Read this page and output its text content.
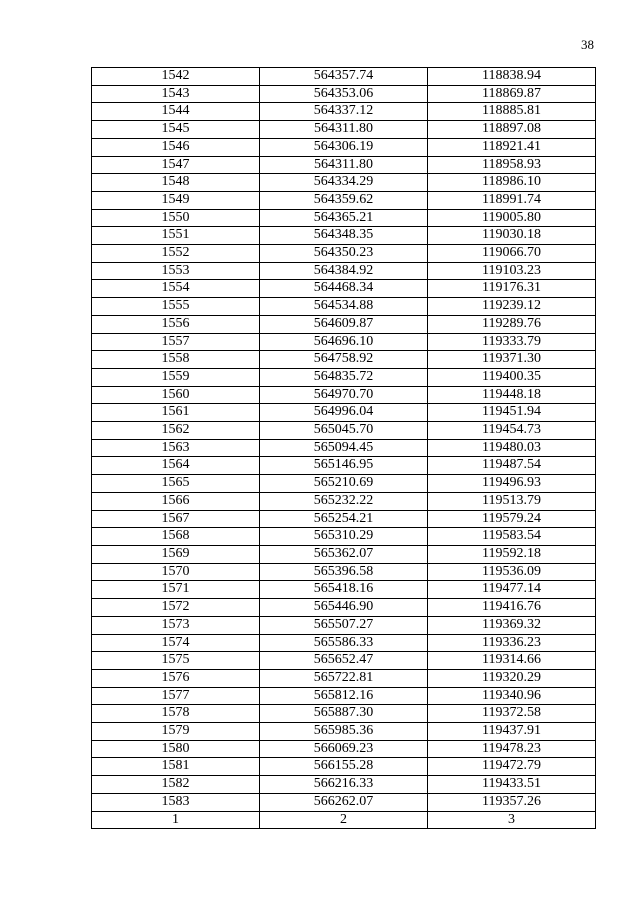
38
1542	564357.74	118838.94
1543	564353.06	118869.87
1544	564337.12	118885.81
1545	564311.80	118897.08
1546	564306.19	118921.41
1547	564311.80	118958.93
1548	564334.29	118986.10
1549	564359.62	118991.74
1550	564365.21	119005.80
1551	564348.35	119030.18
1552	564350.23	119066.70
1553	564384.92	119103.23
1554	564468.34	119176.31
1555	564534.88	119239.12
1556	564609.87	119289.76
1557	564696.10	119333.79
1558	564758.92	119371.30
1559	564835.72	119400.35
1560	564970.70	119448.18
1561	564996.04	119451.94
1562	565045.70	119454.73
1563	565094.45	119480.03
1564	565146.95	119487.54
1565	565210.69	119496.93
1566	565232.22	119513.79
1567	565254.21	119579.24
1568	565310.29	119583.54
1569	565362.07	119592.18
1570	565396.58	119536.09
1571	565418.16	119477.14
1572	565446.90	119416.76
1573	565507.27	119369.32
1574	565586.33	119336.23
1575	565652.47	119314.66
1576	565722.81	119320.29
1577	565812.16	119340.96
1578	565887.30	119372.58
1579	565985.36	119437.91
1580	566069.23	119478.23
1581	566155.28	119472.79
1582	566216.33	119433.51
1583	566262.07	119357.26
1	2	3
